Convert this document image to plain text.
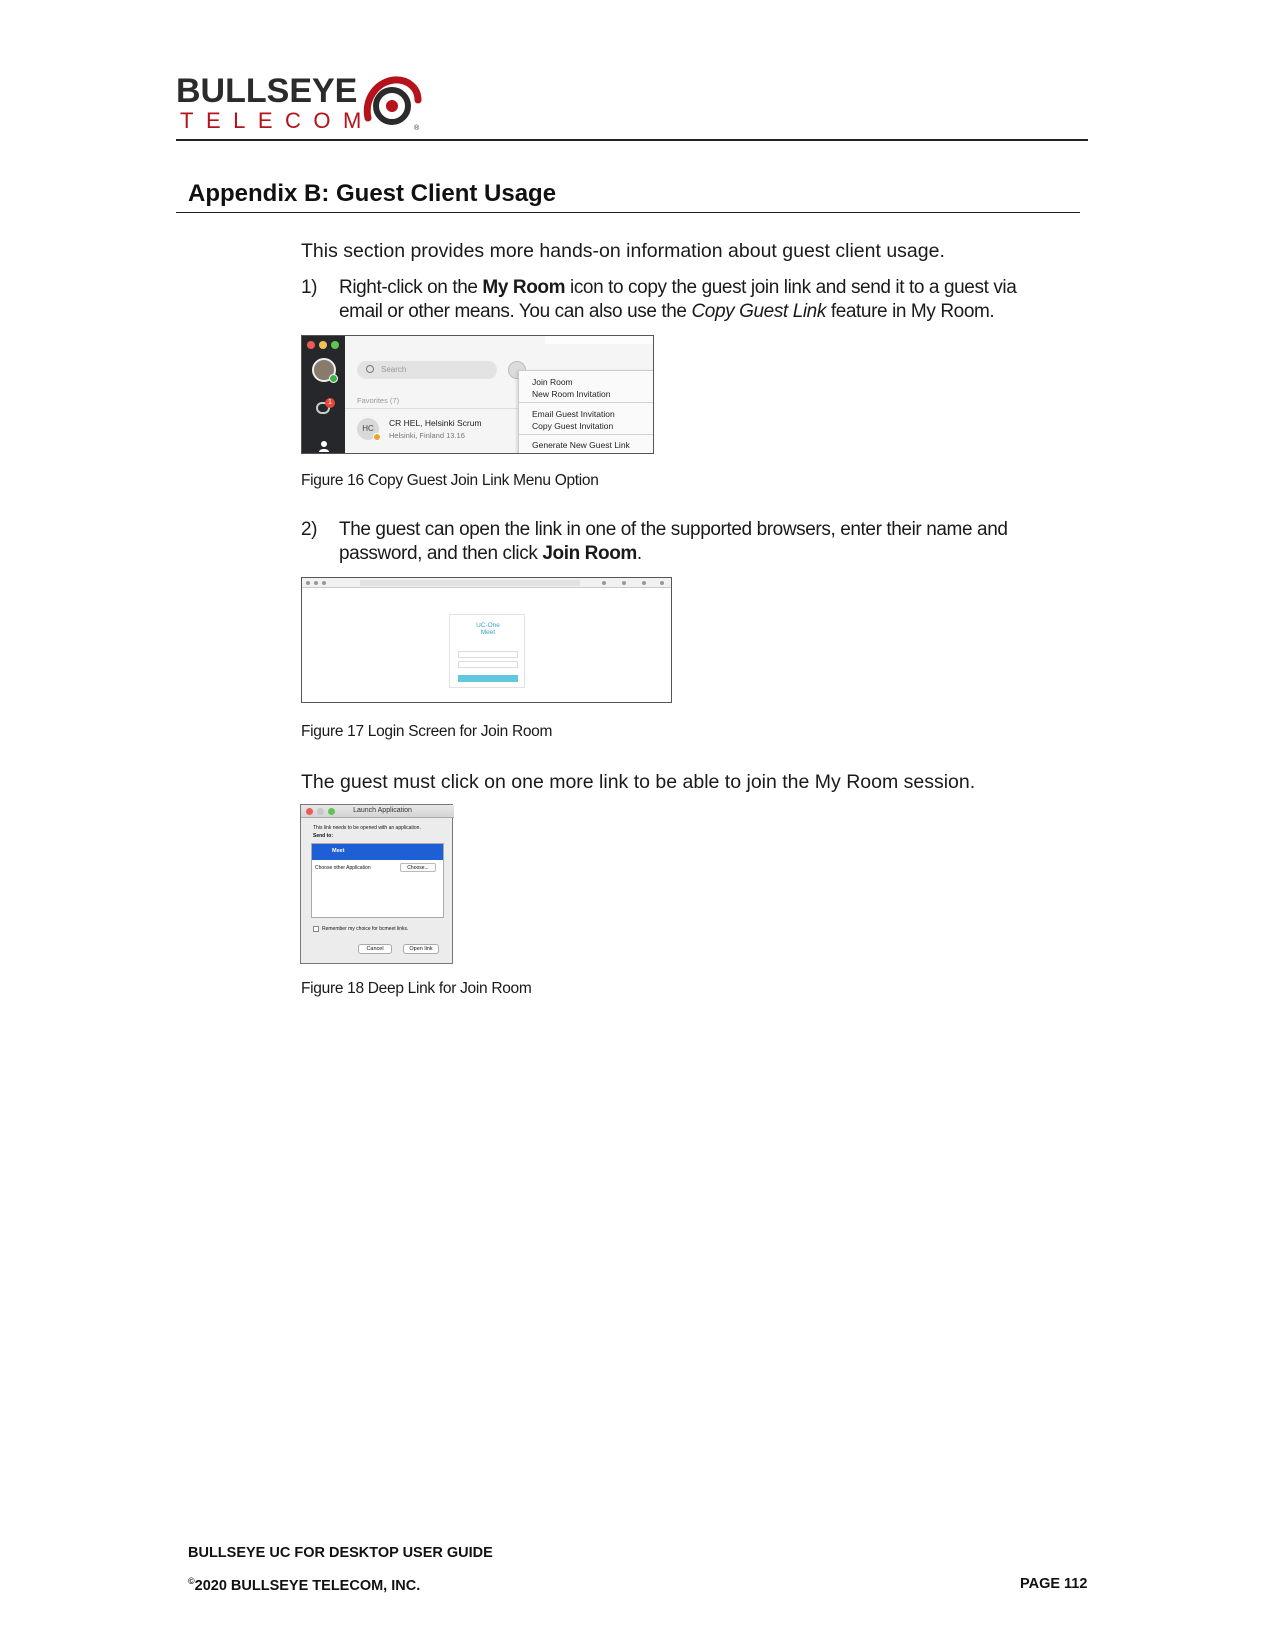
BULLSEYE
TELECOM	®
Appendix B: Guest Client Usage
This section provides more hands-on information about guest client usage.
1) Right-click on the My Room icon to copy the guest join link and send it to a guest via email or other means. You can also use the Copy Guest Link feature in My Room.
1
Search
Favorites (7)
HC
CR HEL, Helsinki Scrum
Helsinki, Finland 13.16
Join Room
New Room Invitation
Email Guest Invitation
Copy Guest Invitation
Generate New Guest Link
Figure 16 Copy Guest Join Link Menu Option
2) The guest can open the link in one of the supported browsers, enter their name and password, and then click Join Room.
UC-One
Meet

Figure 17 Login Screen for Join Room
The guest must click on one more link to be able to join the My Room session.
Launch Application
This link needs to be opened with an application.
Send to:
Meet
Choose other Application	Choose...
Remember my choice for bcmeet links.
Cancel	Open link
Figure 18 Deep Link for Join Room
BULLSEYE UC FOR DESKTOP USER GUIDE
©2020 BULLSEYE TELECOM, INC.	PAGE 112
